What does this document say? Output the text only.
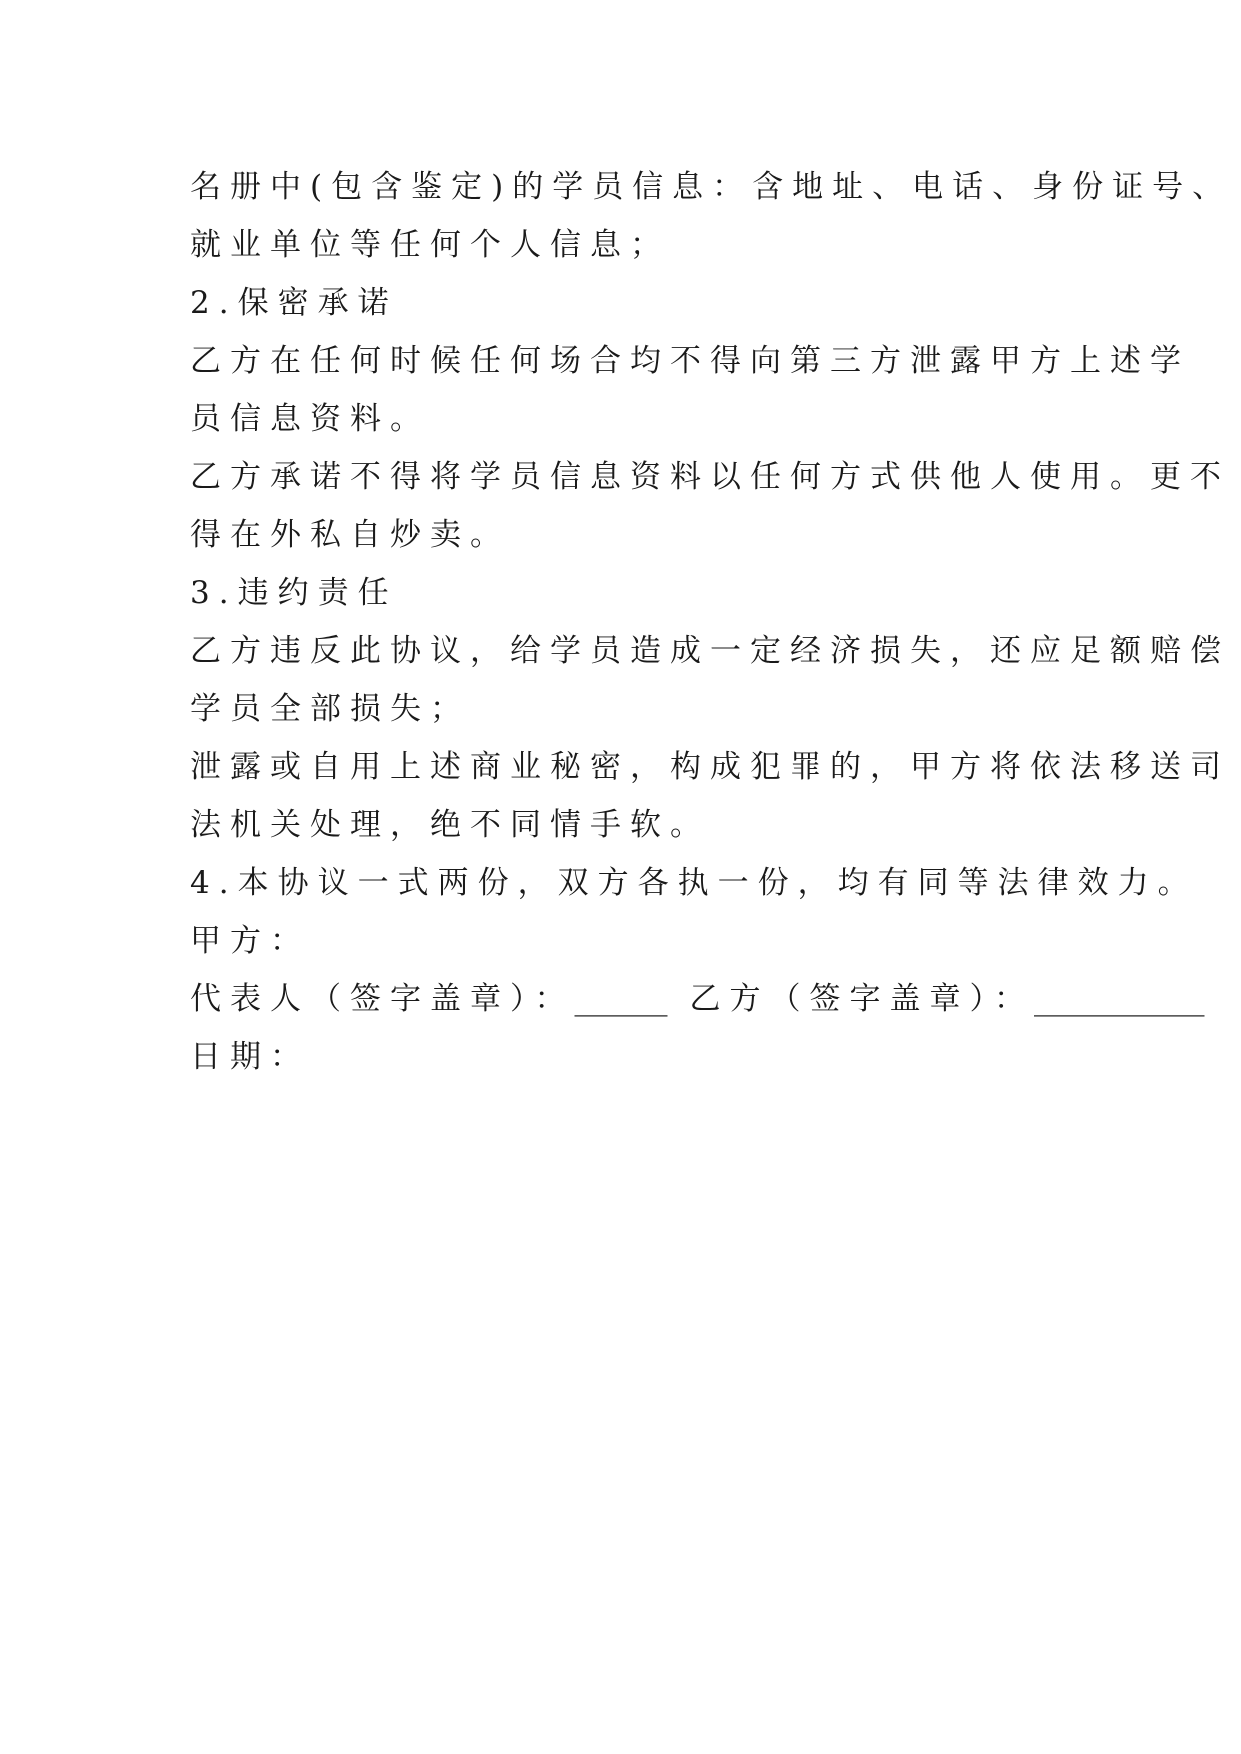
名册中(包含鉴定)的学员信息：含地址、电话、身份证号、
就业单位等任何个人信息；
2.保密承诺
乙方在任何时候任何场合均不得向第三方泄露甲方上述学
员信息资料。
乙方承诺不得将学员信息资料以任何方式供他人使用。更不
得在外私自炒卖。
3.违约责任
乙方违反此协议，给学员造成一定经济损失，还应足额赔偿
学员全部损失；
泄露或自用上述商业秘密，构成犯罪的，甲方将依法移送司
法机关处理，绝不同情手软。
4.本协议一式两份，双方各执一份，均有同等法律效力。
甲方：
代表人（签字盖章）：______ 乙方（签字盖章）：___________
日期：
